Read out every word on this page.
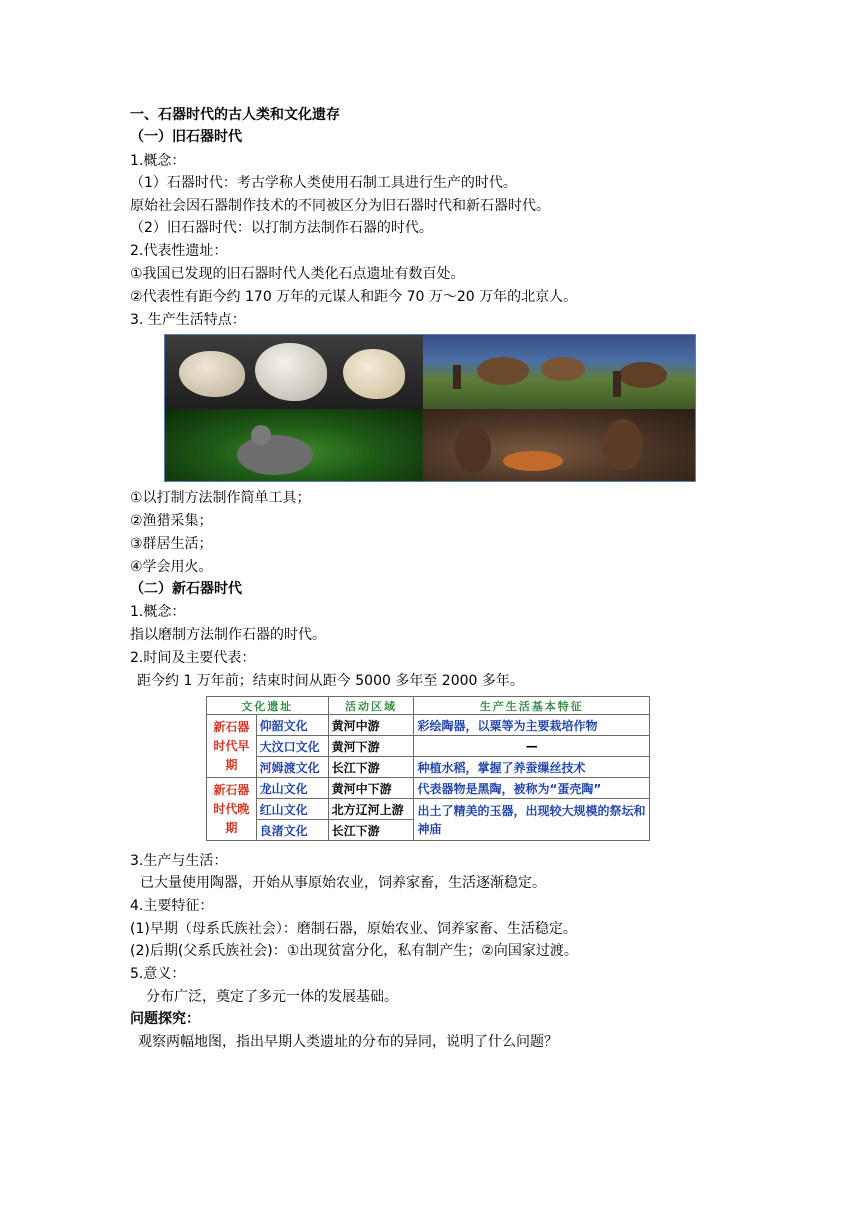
一、石器时代的古人类和文化遗存
（一）旧石器时代
1.概念：
（1）石器时代：考古学称人类使用石制工具进行生产的时代。
原始社会因石器制作技术的不同被区分为旧石器时代和新石器时代。
（2）旧石器时代：以打制方法制作石器的时代。
2.代表性遗址：
①我国已发现的旧石器时代人类化石点遗址有数百处。
②代表性有距今约 170 万年的元谋人和距今 70 万～20 万年的北京人。
3. 生产生活特点：
①以打制方法制作简单工具；
②渔猎采集；
③群居生活；
④学会用火。
（二）新石器时代
1.概念：
指以磨制方法制作石器的时代。
2.时间及主要代表：
距今约 1 万年前；结束时间从距今 5000 多年至 2000 多年。
文化遗址		活动区域	生产生活基本特征
新石器时代早期	仰韶文化	黄河中游	彩绘陶器，以粟等为主要栽培作物
	大汶口文化	黄河下游	—
	河姆渡文化	长江下游	种植水稻，掌握了养蚕缫丝技术
新石器时代晚期	龙山文化	黄河中下游	代表器物是黑陶，被称为“蛋壳陶”
	红山文化	北方辽河上游	出土了精美的玉器，出现较大规模的祭坛和神庙
	良渚文化	长江下游	
3.生产与生活：
已大量使用陶器，开始从事原始农业，饲养家畜，生活逐渐稳定。
4.主要特征：
(1)早期（母系氏族社会）：磨制石器，原始农业、饲养家畜、生活稳定。
(2)后期(父系氏族社会)：①出现贫富分化，私有制产生；②向国家过渡。
5.意义：
分布广泛，奠定了多元一体的发展基础。
问题探究：
观察两幅地图，指出早期人类遗址的分布的异同，说明了什么问题？
